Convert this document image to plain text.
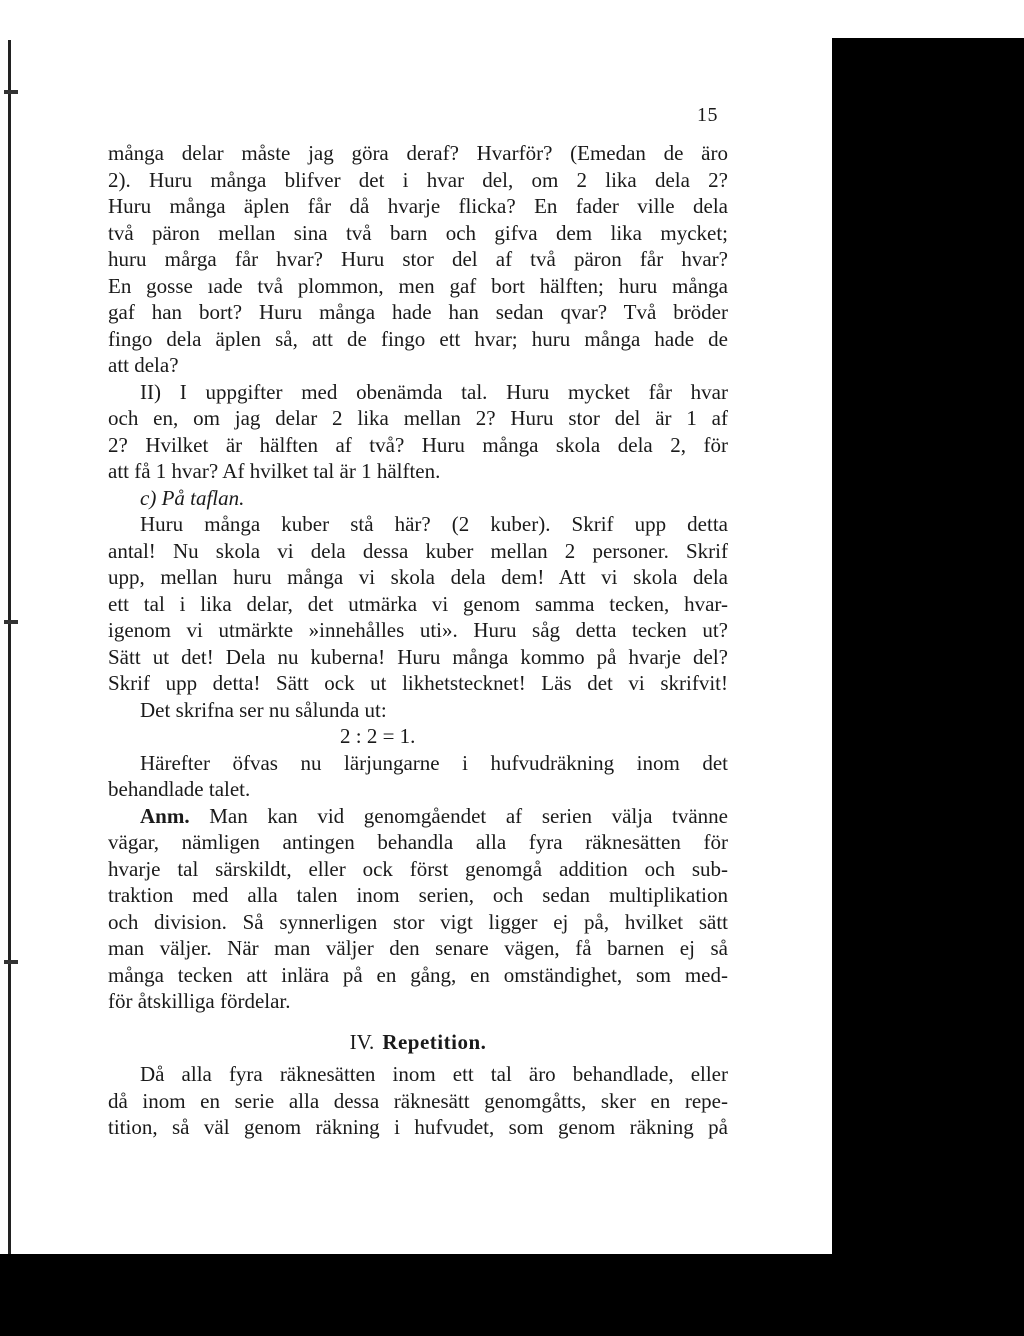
15
många delar måste jag göra deraf? Hvarför? (Emedan de äro
2). Huru många blifver det i hvar del, om 2 lika dela 2?
Huru många äplen får då hvarje flicka? En fader ville dela
två päron mellan sina två barn och gifva dem lika mycket;
huru mårga får hvar? Huru stor del af två päron får hvar?
En gosse ıade två plommon, men gaf bort hälften; huru många
gaf han bort? Huru många hade han sedan qvar? Två bröder
fingo dela äplen så, att de fingo ett hvar; huru många hade de
att dela?
II) I uppgifter med obenämda tal. Huru mycket får hvar
och en, om jag delar 2 lika mellan 2? Huru stor del är 1 af
2? Hvilket är hälften af två? Huru många skola dela 2, för
att få 1 hvar? Af hvilket tal är 1 hälften.
c) På taflan.
Huru många kuber stå här? (2 kuber). Skrif upp detta
antal! Nu skola vi dela dessa kuber mellan 2 personer. Skrif
upp, mellan huru många vi skola dela dem! Att vi skola dela
ett tal i lika delar, det utmärka vi genom samma tecken, hvar-
igenom vi utmärkte »innehålles uti». Huru såg detta tecken ut?
Sätt ut det! Dela nu kuberna! Huru många kommo på hvarje del?
Skrif upp detta! Sätt ock ut likhetstecknet! Läs det vi skrifvit!
Det skrifna ser nu sålunda ut:
2 : 2 = 1.
Härefter öfvas nu lärjungarne i hufvudräkning inom det
behandlade talet.
Anm. Man kan vid genomgåendet af serien välja tvänne
vägar, nämligen antingen behandla alla fyra räknesätten för
hvarje tal särskildt, eller ock först genomgå addition och sub-
traktion med alla talen inom serien, och sedan multiplikation
och division. Så synnerligen stor vigt ligger ej på, hvilket sätt
man väljer. När man väljer den senare vägen, få barnen ej så
många tecken att inlära på en gång, en omständighet, som med-
för åtskilliga fördelar.
IV. Repetition.
Då alla fyra räknesätten inom ett tal äro behandlade, eller
då inom en serie alla dessa räknesätt genomgåtts, sker en repe-
tition, så väl genom räkning i hufvudet, som genom räkning på
